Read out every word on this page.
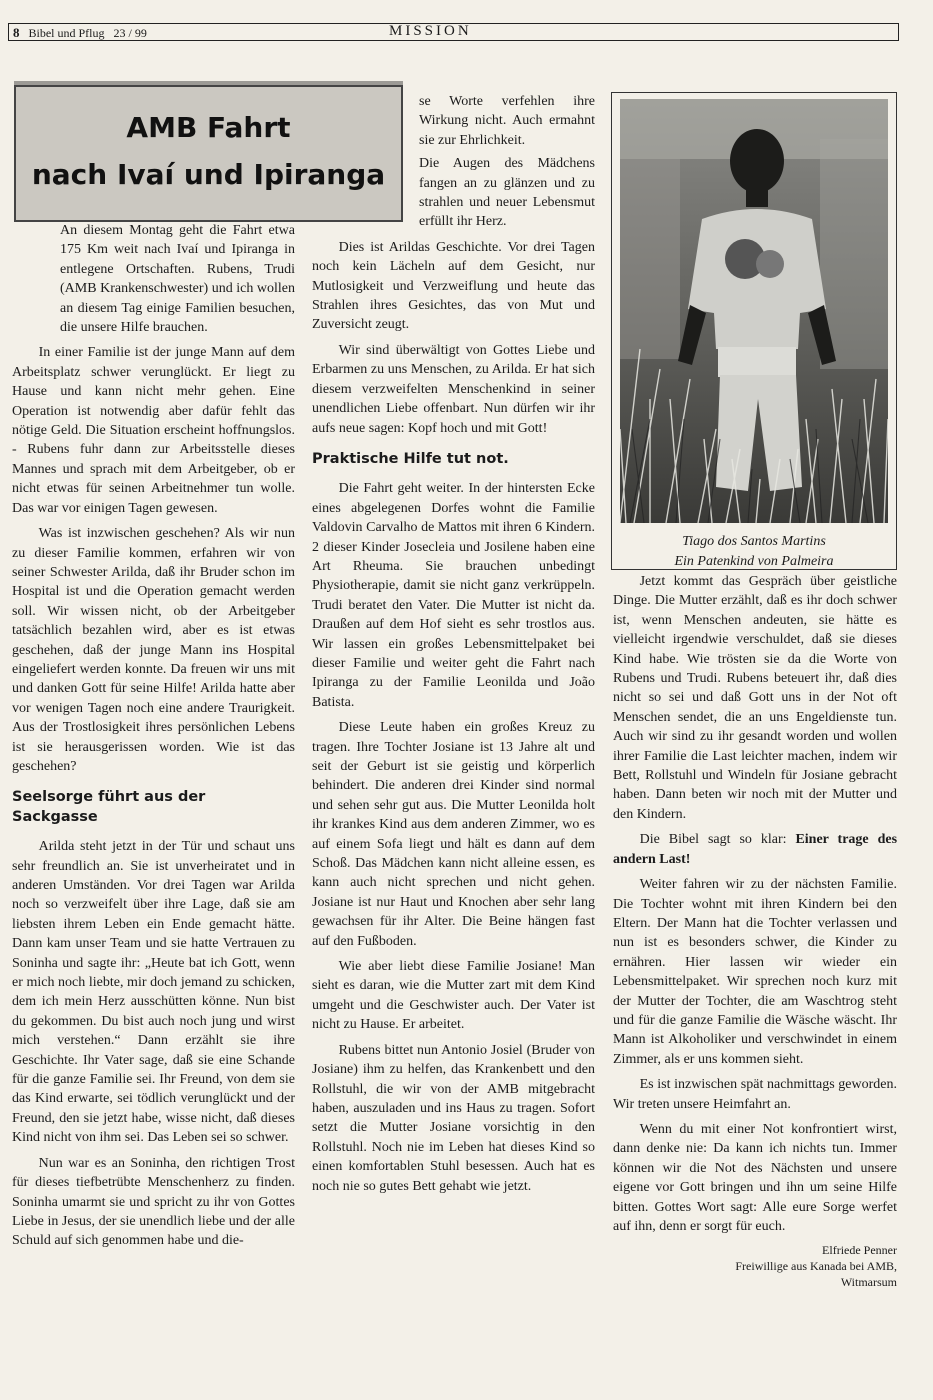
8 Bibel und Pflug 23 / 99	MISSION
AMB Fahrt
nach Ivaí und Ipiranga

An diesem Montag geht die Fahrt etwa 175 Km weit nach Ivaí und Ipiranga in entlegene Ortschaften. Rubens, Trudi (AMB Krankenschwester) und ich wollen an diesem Tag einige Familien besuchen, die unsere Hilfe brauchen.

In einer Familie ist der junge Mann auf dem Arbeitsplatz schwer verunglückt. Er liegt zu Hause und kann nicht mehr gehen. Eine Operation ist notwendig aber dafür fehlt das nötige Geld. Die Situation erscheint hoffnungslos. - Rubens fuhr dann zur Arbeitsstelle dieses Mannes und sprach mit dem Arbeitgeber, ob er nicht etwas für seinen Arbeitnehmer tun wolle. Das war vor einigen Tagen gewesen.

Was ist inzwischen geschehen? Als wir nun zu dieser Familie kommen, erfahren wir von seiner Schwester Arilda, daß ihr Bruder schon im Hospital ist und die Operation gemacht werden soll. Wir wissen nicht, ob der Arbeitgeber tatsächlich bezahlen wird, aber es ist etwas geschehen, daß der junge Mann ins Hospital eingeliefert werden konnte. Da freuen wir uns mit und danken Gott für seine Hilfe! Arilda hatte aber vor wenigen Tagen noch eine andere Traurigkeit. Aus der Trostlosigkeit ihres persönlichen Lebens ist sie herausgerissen worden. Wie ist das geschehen?

Seelsorge führt aus der Sackgasse

Arilda steht jetzt in der Tür und schaut uns sehr freundlich an. Sie ist unverheiratet und in anderen Umständen. Vor drei Tagen war Arilda noch so verzweifelt über ihre Lage, daß sie am liebsten ihrem Leben ein Ende gemacht hätte. Dann kam unser Team und sie hatte Vertrauen zu Soninha und sagte ihr: „Heute bat ich Gott, wenn er mich noch liebte, mir doch jemand zu schicken, dem ich mein Herz ausschütten könne. Nun bist du gekommen. Du bist auch noch jung und wirst mich verstehen.“ Dann erzählt sie ihre Geschichte. Ihr Vater sage, daß sie eine Schande für die ganze Familie sei. Ihr Freund, von dem sie das Kind erwarte, sei tödlich verunglückt und der Freund, den sie jetzt habe, wisse nicht, daß dieses Kind nicht von ihm sei. Das Leben sei so schwer.

Nun war es an Soninha, den richtigen Trost für dieses tiefbetrübte Menschenherz zu finden. Soninha umarmt sie und spricht zu ihr von Gottes Liebe in Jesus, der sie unendlich liebe und der alle Schuld auf sich genommen habe und die-

se Worte verfehlen ihre Wirkung nicht. Auch ermahnt sie zur Ehrlichkeit.

Die Augen des Mädchens fangen an zu glänzen und zu strahlen und neuer Lebensmut erfüllt ihr Herz.

Dies ist Arildas Geschichte. Vor drei Tagen noch kein Lächeln auf dem Gesicht, nur Mutlosigkeit und Verzweiflung und heute das Strahlen ihres Gesichtes, das von Mut und Zuversicht zeugt.

Wir sind überwältigt von Gottes Liebe und Erbarmen zu uns Menschen, zu Arilda. Er hat sich diesem verzweifelten Menschenkind in seiner unendlichen Liebe offenbart. Nun dürfen wir ihr aufs neue sagen: Kopf hoch und mit Gott!

Praktische Hilfe tut not.

Die Fahrt geht weiter. In der hintersten Ecke eines abgelegenen Dorfes wohnt die Familie Valdovin Carvalho de Mattos mit ihren 6 Kindern. 2 dieser Kinder Josecleia und Josilene haben eine Art Rheuma. Sie brauchen unbedingt Physiotherapie, damit sie nicht ganz verkrüppeln. Trudi beratet den Vater. Die Mutter ist nicht da. Draußen auf dem Hof sieht es sehr trostlos aus. Wir lassen ein großes Lebensmittelpaket bei dieser Familie und weiter geht die Fahrt nach Ipiranga zu der Familie Leonilda und João Batista.

Diese Leute haben ein großes Kreuz zu tragen. Ihre Tochter Josiane ist 13 Jahre alt und seit der Geburt ist sie geistig und körperlich behindert. Die anderen drei Kinder sind normal und sehen sehr gut aus. Die Mutter Leonilda holt ihr krankes Kind aus dem anderen Zimmer, wo es auf einem Sofa liegt und hält es dann auf dem Schoß. Das Mädchen kann nicht alleine essen, es kann auch nicht sprechen und nicht gehen. Josiane ist nur Haut und Knochen aber sehr lang gewachsen für ihr Alter. Die Beine hängen fast auf den Fußboden.

Wie aber liebt diese Familie Josiane! Man sieht es daran, wie die Mutter zart mit dem Kind umgeht und die Geschwister auch. Der Vater ist nicht zu Hause. Er arbeitet.

Rubens bittet nun Antonio Josiel (Bruder von Josiane) ihm zu helfen, das Krankenbett und den Rollstuhl, die wir von der AMB mitgebracht haben, auszuladen und ins Haus zu tragen. Sofort setzt die Mutter Josiane vorsichtig in den Rollstuhl. Noch nie im Leben hat dieses Kind so einen komfortablen Stuhl besessen. Auch hat es noch nie so gutes Bett gehabt wie jetzt.

Tiago dos Santos Martins
Ein Patenkind von Palmeira

Jetzt kommt das Gespräch über geistliche Dinge. Die Mutter erzählt, daß es ihr doch schwer ist, wenn Menschen andeuten, sie hätte es vielleicht irgendwie verschuldet, daß sie dieses Kind habe. Wie trösten sie da die Worte von Rubens und Trudi. Rubens beteuert ihr, daß dies nicht so sei und daß Gott uns in der Not oft Menschen sendet, die an uns Engeldienste tun. Auch wir sind zu ihr gesandt worden und wollen ihrer Familie die Last leichter machen, indem wir Bett, Rollstuhl und Windeln für Josiane gebracht haben. Dann beten wir noch mit der Mutter und den Kindern.

Die Bibel sagt so klar: Einer trage des andern Last!

Weiter fahren wir zu der nächsten Familie. Die Tochter wohnt mit ihren Kindern bei den Eltern. Der Mann hat die Tochter verlassen und nun ist es besonders schwer, die Kinder zu ernähren. Hier lassen wir wieder ein Lebensmittelpaket. Wir sprechen noch kurz mit der Mutter der Tochter, die am Waschtrog steht und für die ganze Familie die Wäsche wäscht. Ihr Mann ist Alkoholiker und verschwindet in einem Zimmer, als er uns kommen sieht.

Es ist inzwischen spät nachmittags geworden. Wir treten unsere Heimfahrt an.

Wenn du mit einer Not konfrontiert wirst, dann denke nie: Da kann ich nichts tun. Immer können wir die Not des Nächsten und unsere eigene vor Gott bringen und ihn um seine Hilfe bitten. Gottes Wort sagt: Alle eure Sorge werfet auf ihn, denn er sorgt für euch.

Elfriede Penner
Freiwillige aus Kanada bei AMB,
Witmarsum
